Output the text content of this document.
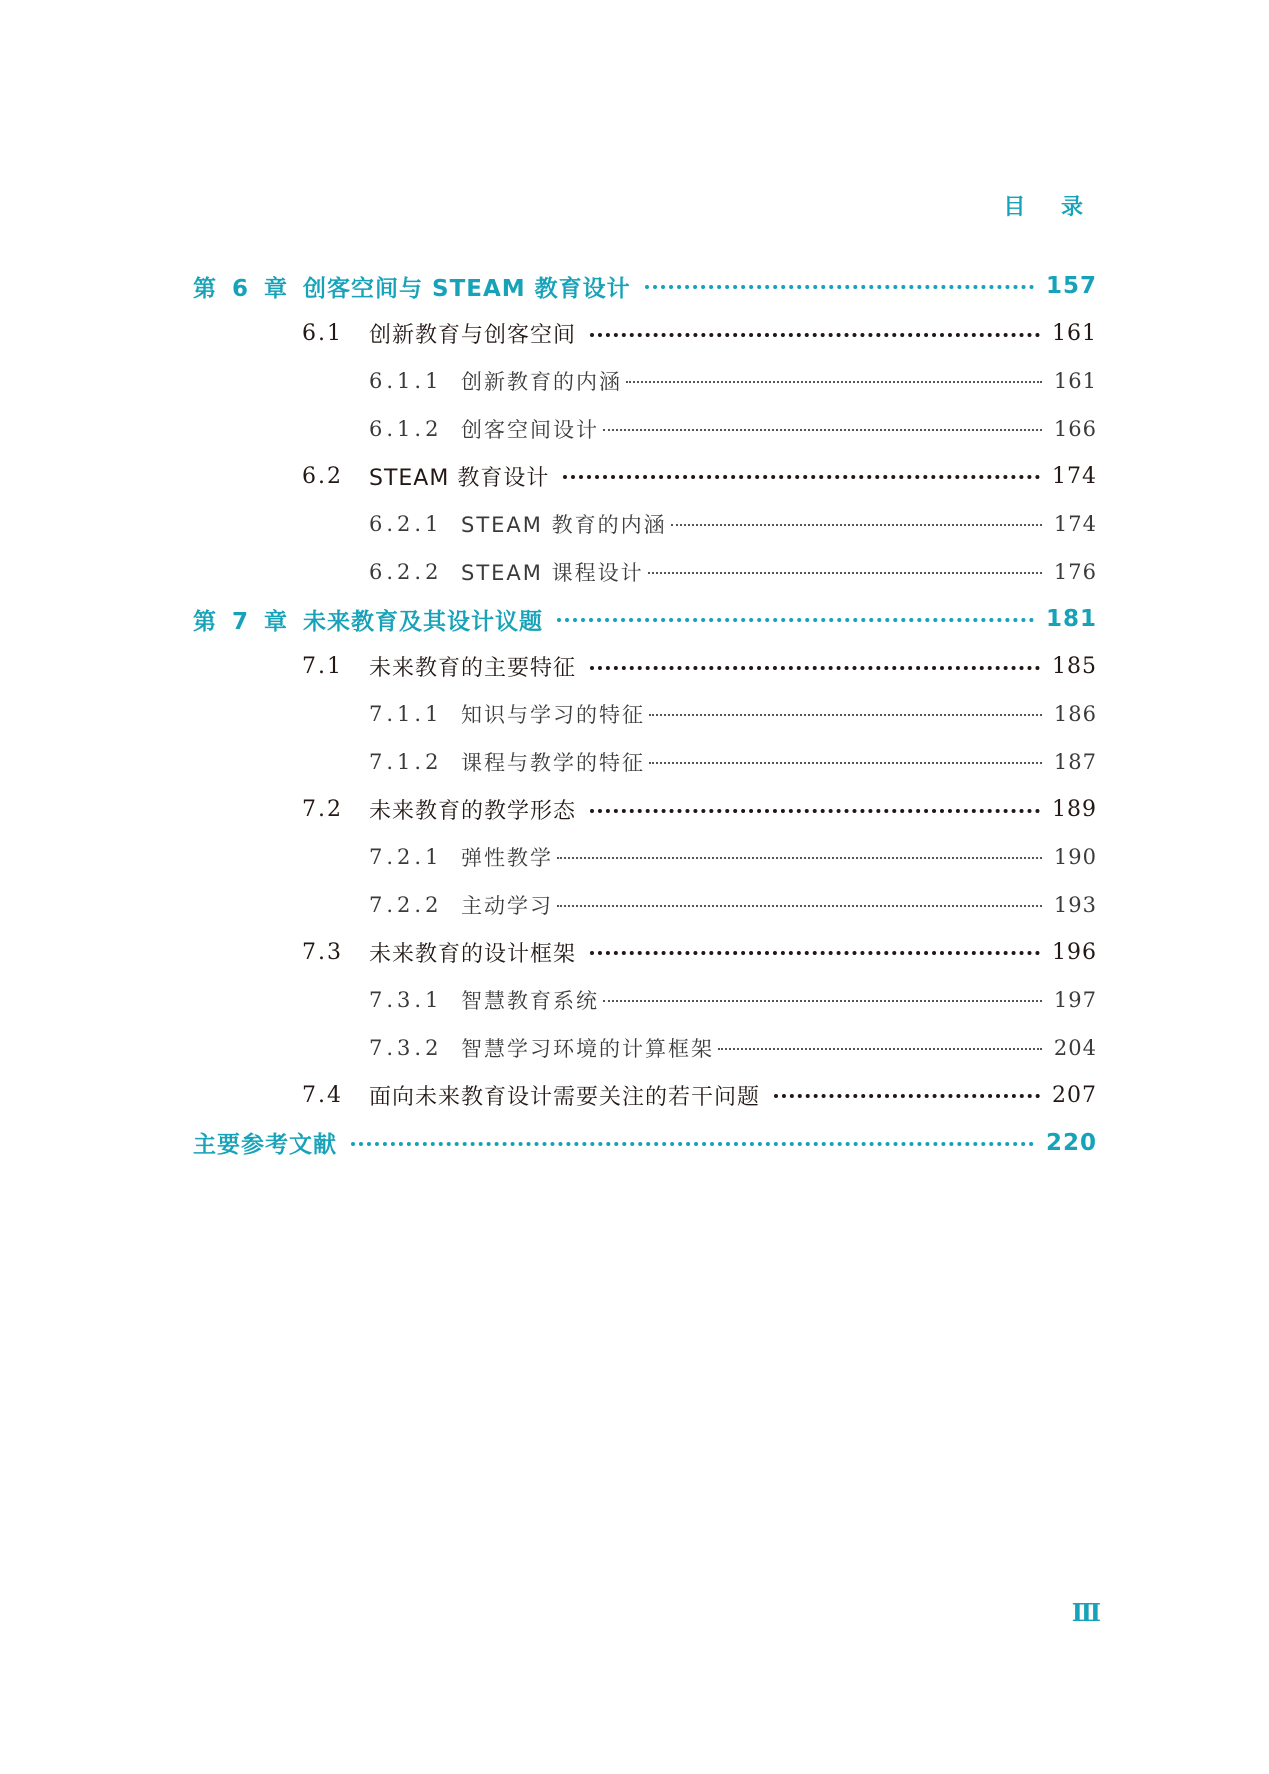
目 录
第 6 章 创客空间与 STEAM 教育设计	157
6.1	创新教育与创客空间	161
6.1.1 创新教育的内涵	161
6.1.2 创客空间设计	166
6.2	STEAM 教育设计	174
6.2.1 STEAM 教育的内涵	174
6.2.2 STEAM 课程设计	176
第 7 章 未来教育及其设计议题	181
7.1	未来教育的主要特征	185
7.1.1 知识与学习的特征	186
7.1.2 课程与教学的特征	187
7.2	未来教育的教学形态	189
7.2.1 弹性教学	190
7.2.2 主动学习	193
7.3	未来教育的设计框架	196
7.3.1 智慧教育系统	197
7.3.2 智慧学习环境的计算框架	204
7.4	面向未来教育设计需要关注的若干问题	207
主要参考文献	220
Ⅲ
